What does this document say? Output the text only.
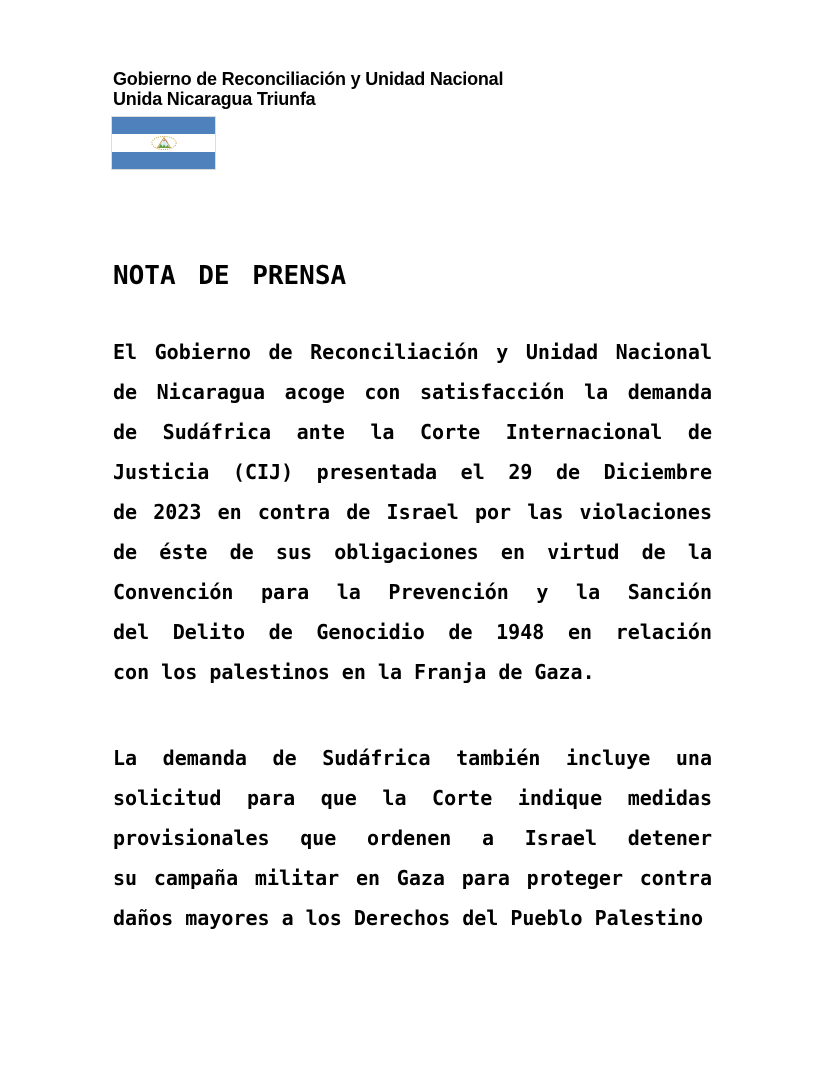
Gobierno de Reconciliación y Unidad Nacional
Unida Nicaragua Triunfa
NOTA DE PRENSA
El Gobierno de Reconciliación y Unidad Nacional
de Nicaragua acoge con satisfacción la demanda
de Sudáfrica ante la Corte Internacional de
Justicia (CIJ) presentada el 29 de Diciembre
de 2023 en contra de Israel por las violaciones
de éste de sus obligaciones en virtud de la
Convención para la Prevención y la Sanción
del Delito de Genocidio de 1948 en relación
con los palestinos en la Franja de Gaza.
La demanda de Sudáfrica también incluye una
solicitud para que la Corte indique medidas
provisionales que ordenen a Israel detener
su campaña militar en Gaza para proteger contra
daños mayores a los Derechos del Pueblo Palestino
